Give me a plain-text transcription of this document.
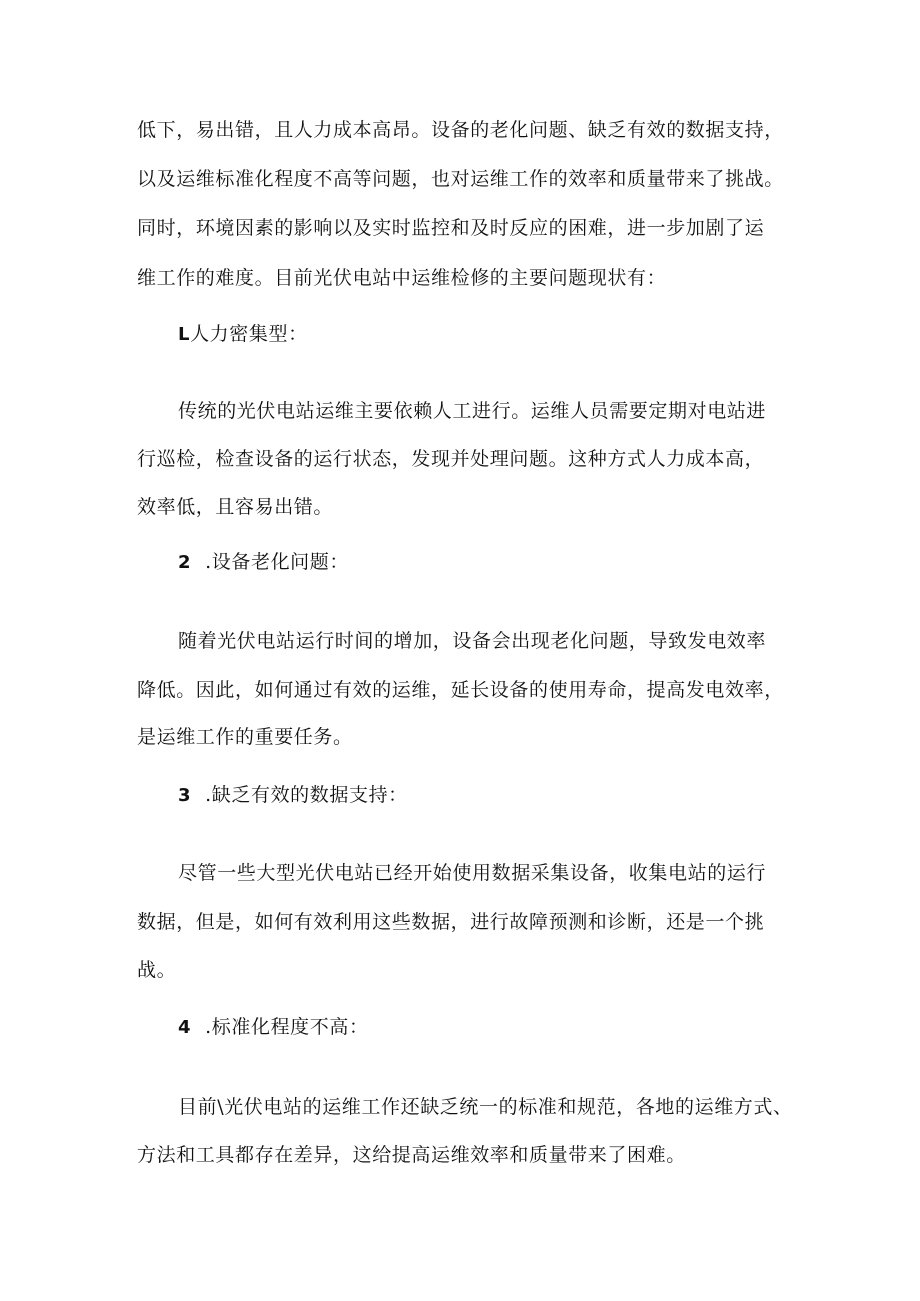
低下，易出错，且人力成本高昂。设备的老化问题、缺乏有效的数据支持，
以及运维标准化程度不高等问题，也对运维工作的效率和质量带来了挑战。
同时，环境因素的影响以及实时监控和及时反应的困难，进一步加剧了运
维工作的难度。目前光伏电站中运维检修的主要问题现状有：
L人力密集型：
传统的光伏电站运维主要依赖人工进行。运维人员需要定期对电站进
行巡检，检查设备的运行状态，发现并处理问题。这种方式人力成本高，
效率低，且容易出错。
2 .设备老化问题：
随着光伏电站运行时间的增加，设备会出现老化问题，导致发电效率
降低。因此，如何通过有效的运维，延长设备的使用寿命，提高发电效率，
是运维工作的重要任务。
3 .缺乏有效的数据支持：
尽管一些大型光伏电站已经开始使用数据采集设备，收集电站的运行
数据，但是，如何有效利用这些数据，进行故障预测和诊断，还是一个挑
战。
4 .标准化程度不高：
目前\光伏电站的运维工作还缺乏统一的标准和规范，各地的运维方式、
方法和工具都存在差异，这给提高运维效率和质量带来了困难。
